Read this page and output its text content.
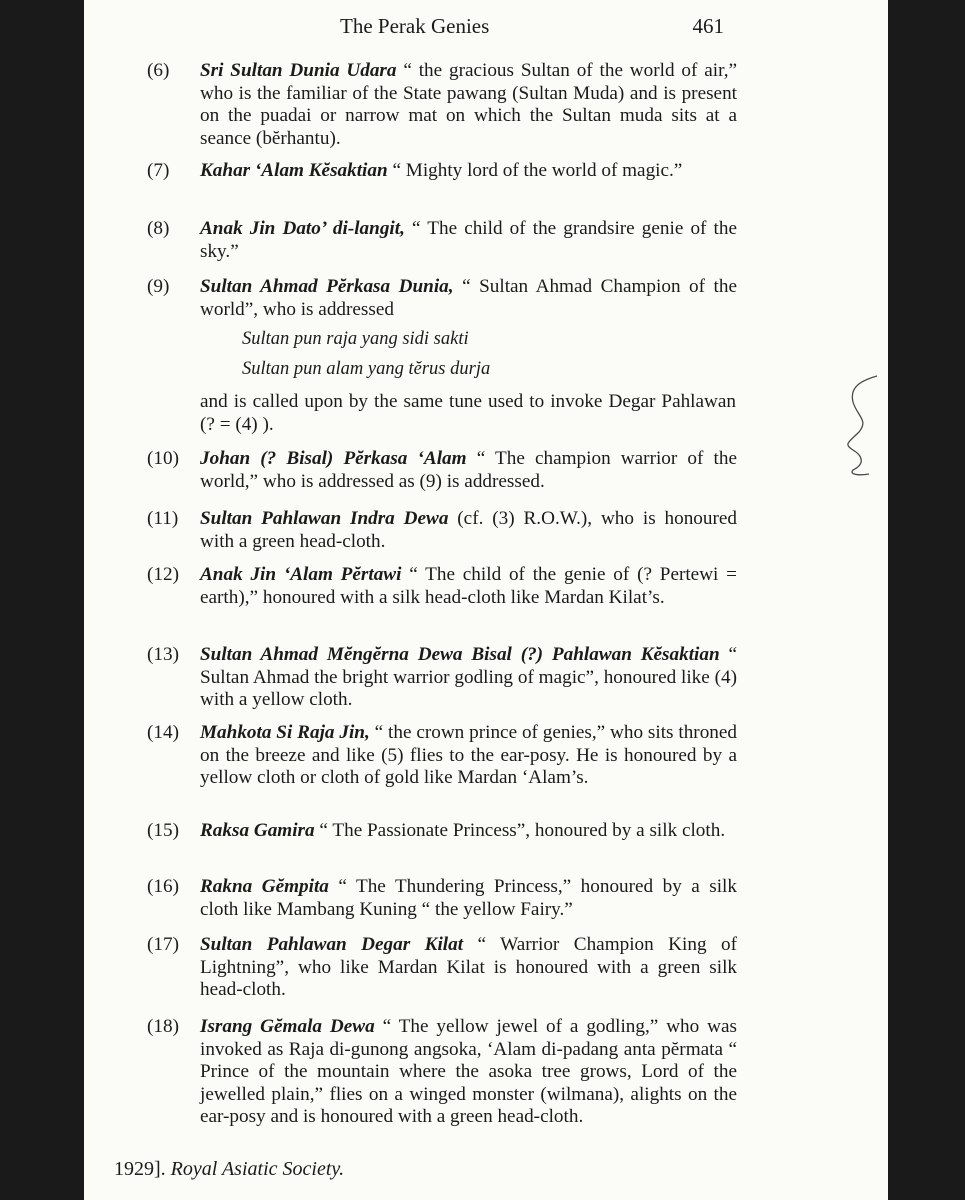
The Perak Genies	461
(6)	Sri Sultan Dunia Udara “ the gracious Sultan of the world of air,” who is the familiar of the State pawang (Sultan Muda) and is present on the puadai or narrow mat on which the Sultan muda sits at a seance (bĕrhantu).
(7)	Kahar ‘Alam Kĕsaktian “ Mighty lord of the world of magic.”
(8)	Anak Jin Dato’ di-langit, “ The child of the grandsire genie of the sky.”
(9)	Sultan Ahmad Pĕrkasa Dunia, “ Sultan Ahmad Champion of the world”, who is addressed
Sultan pun raja yang sidi sakti
Sultan pun alam yang tĕrus durja
and is called upon by the same tune used to invoke Degar Pahlawan (? = (4) ).
(10)	Johan (? Bisal) Pĕrkasa ‘Alam “ The champion warrior of the world,” who is addressed as (9) is addressed.
(11)	Sultan Pahlawan Indra Dewa (cf. (3) R.O.W.), who is honoured with a green head-cloth.
(12)	Anak Jin ‘Alam Pĕrtawi “ The child of the genie of (? Pertewi = earth),” honoured with a silk head-cloth like Mardan Kilat’s.
(13)	Sultan Ahmad Mĕngĕrna Dewa Bisal (?) Pahlawan Kĕsaktian “ Sultan Ahmad the bright warrior godling of magic”, honoured like (4) with a yellow cloth.
(14)	Mahkota Si Raja Jin, “ the crown prince of genies,” who sits throned on the breeze and like (5) flies to the ear-posy. He is honoured by a yellow cloth or cloth of gold like Mardan ‘Alam’s.
(15)	Raksa Gamira “ The Passionate Princess”, honoured by a silk cloth.
(16)	Rakna Gĕmpita “ The Thundering Princess,” honoured by a silk cloth like Mambang Kuning “ the yellow Fairy.”
(17)	Sultan Pahlawan Degar Kilat “ Warrior Champion King of Lightning”, who like Mardan Kilat is honoured with a green silk head-cloth.
(18)	Israng Gĕmala Dewa “ The yellow jewel of a godling,” who was invoked as Raja di-gunong angsoka, ‘Alam di-padang anta pĕrmata “ Prince of the mountain where the asoka tree grows, Lord of the jewelled plain,” flies on a winged monster (wilmana), alights on the ear-posy and is honoured with a green head-cloth.
1929]. Royal Asiatic Society.
